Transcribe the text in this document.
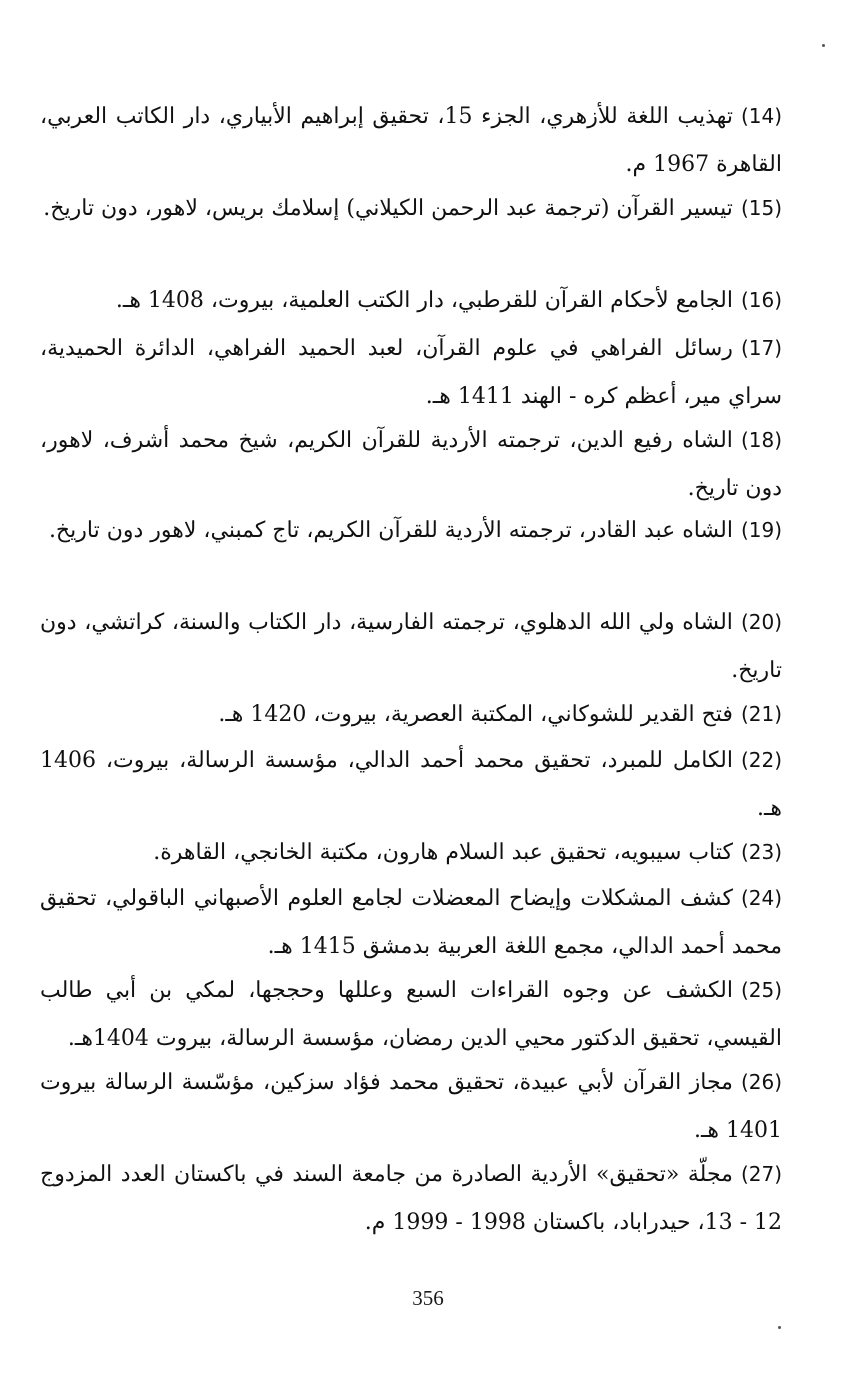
(14)تهذيب اللغة للأزهري، الجزء 15، تحقيق إبراهيم الأبياري، دار الكاتب العربي، القاهرة 1967 م.
(15)تيسير القرآن (ترجمة عبد الرحمن الكيلاني) إسلامك بريس، لاهور، دون تاريخ.
(16)الجامع لأحكام القرآن للقرطبي، دار الكتب العلمية، بيروت، 1408 هـ.
(17)رسائل الفراهي في علوم القرآن، لعبد الحميد الفراهي، الدائرة الحميدية، سراي مير، أعظم كره - الهند 1411 هـ.
(18)الشاه رفيع الدين، ترجمته الأردية للقرآن الكريم، شيخ محمد أشرف، لاهور، دون تاريخ.
(19)الشاه عبد القادر، ترجمته الأردية للقرآن الكريم، تاج كمبني، لاهور دون تاريخ.
(20)الشاه ولي الله الدهلوي، ترجمته الفارسية، دار الكتاب والسنة، كراتشي، دون تاريخ.
(21)فتح القدير للشوكاني، المكتبة العصرية، بيروت، 1420 هـ.
(22)الكامل للمبرد، تحقيق محمد أحمد الدالي، مؤسسة الرسالة، بيروت، 1406 هـ.
(23)كتاب سيبويه، تحقيق عبد السلام هارون، مكتبة الخانجي، القاهرة.
(24)كشف المشكلات وإيضاح المعضلات لجامع العلوم الأصبهاني الباقولي، تحقيق محمد أحمد الدالي، مجمع اللغة العربية بدمشق 1415 هـ.
(25)الكشف عن وجوه القراءات السبع وعللها وحججها، لمكي بن أبي طالب القيسي، تحقيق الدكتور محيي الدين رمضان، مؤسسة الرسالة، بيروت 1404هـ.
(26)مجاز القرآن لأبي عبيدة، تحقيق محمد فؤاد سزكين، مؤسّسة الرسالة بيروت 1401 هـ.
(27)مجلّة «تحقيق» الأردية الصادرة من جامعة السند في باكستان العدد المزدوج 12 - 13، حيدراباد، باكستان 1998 - 1999 م.
356
